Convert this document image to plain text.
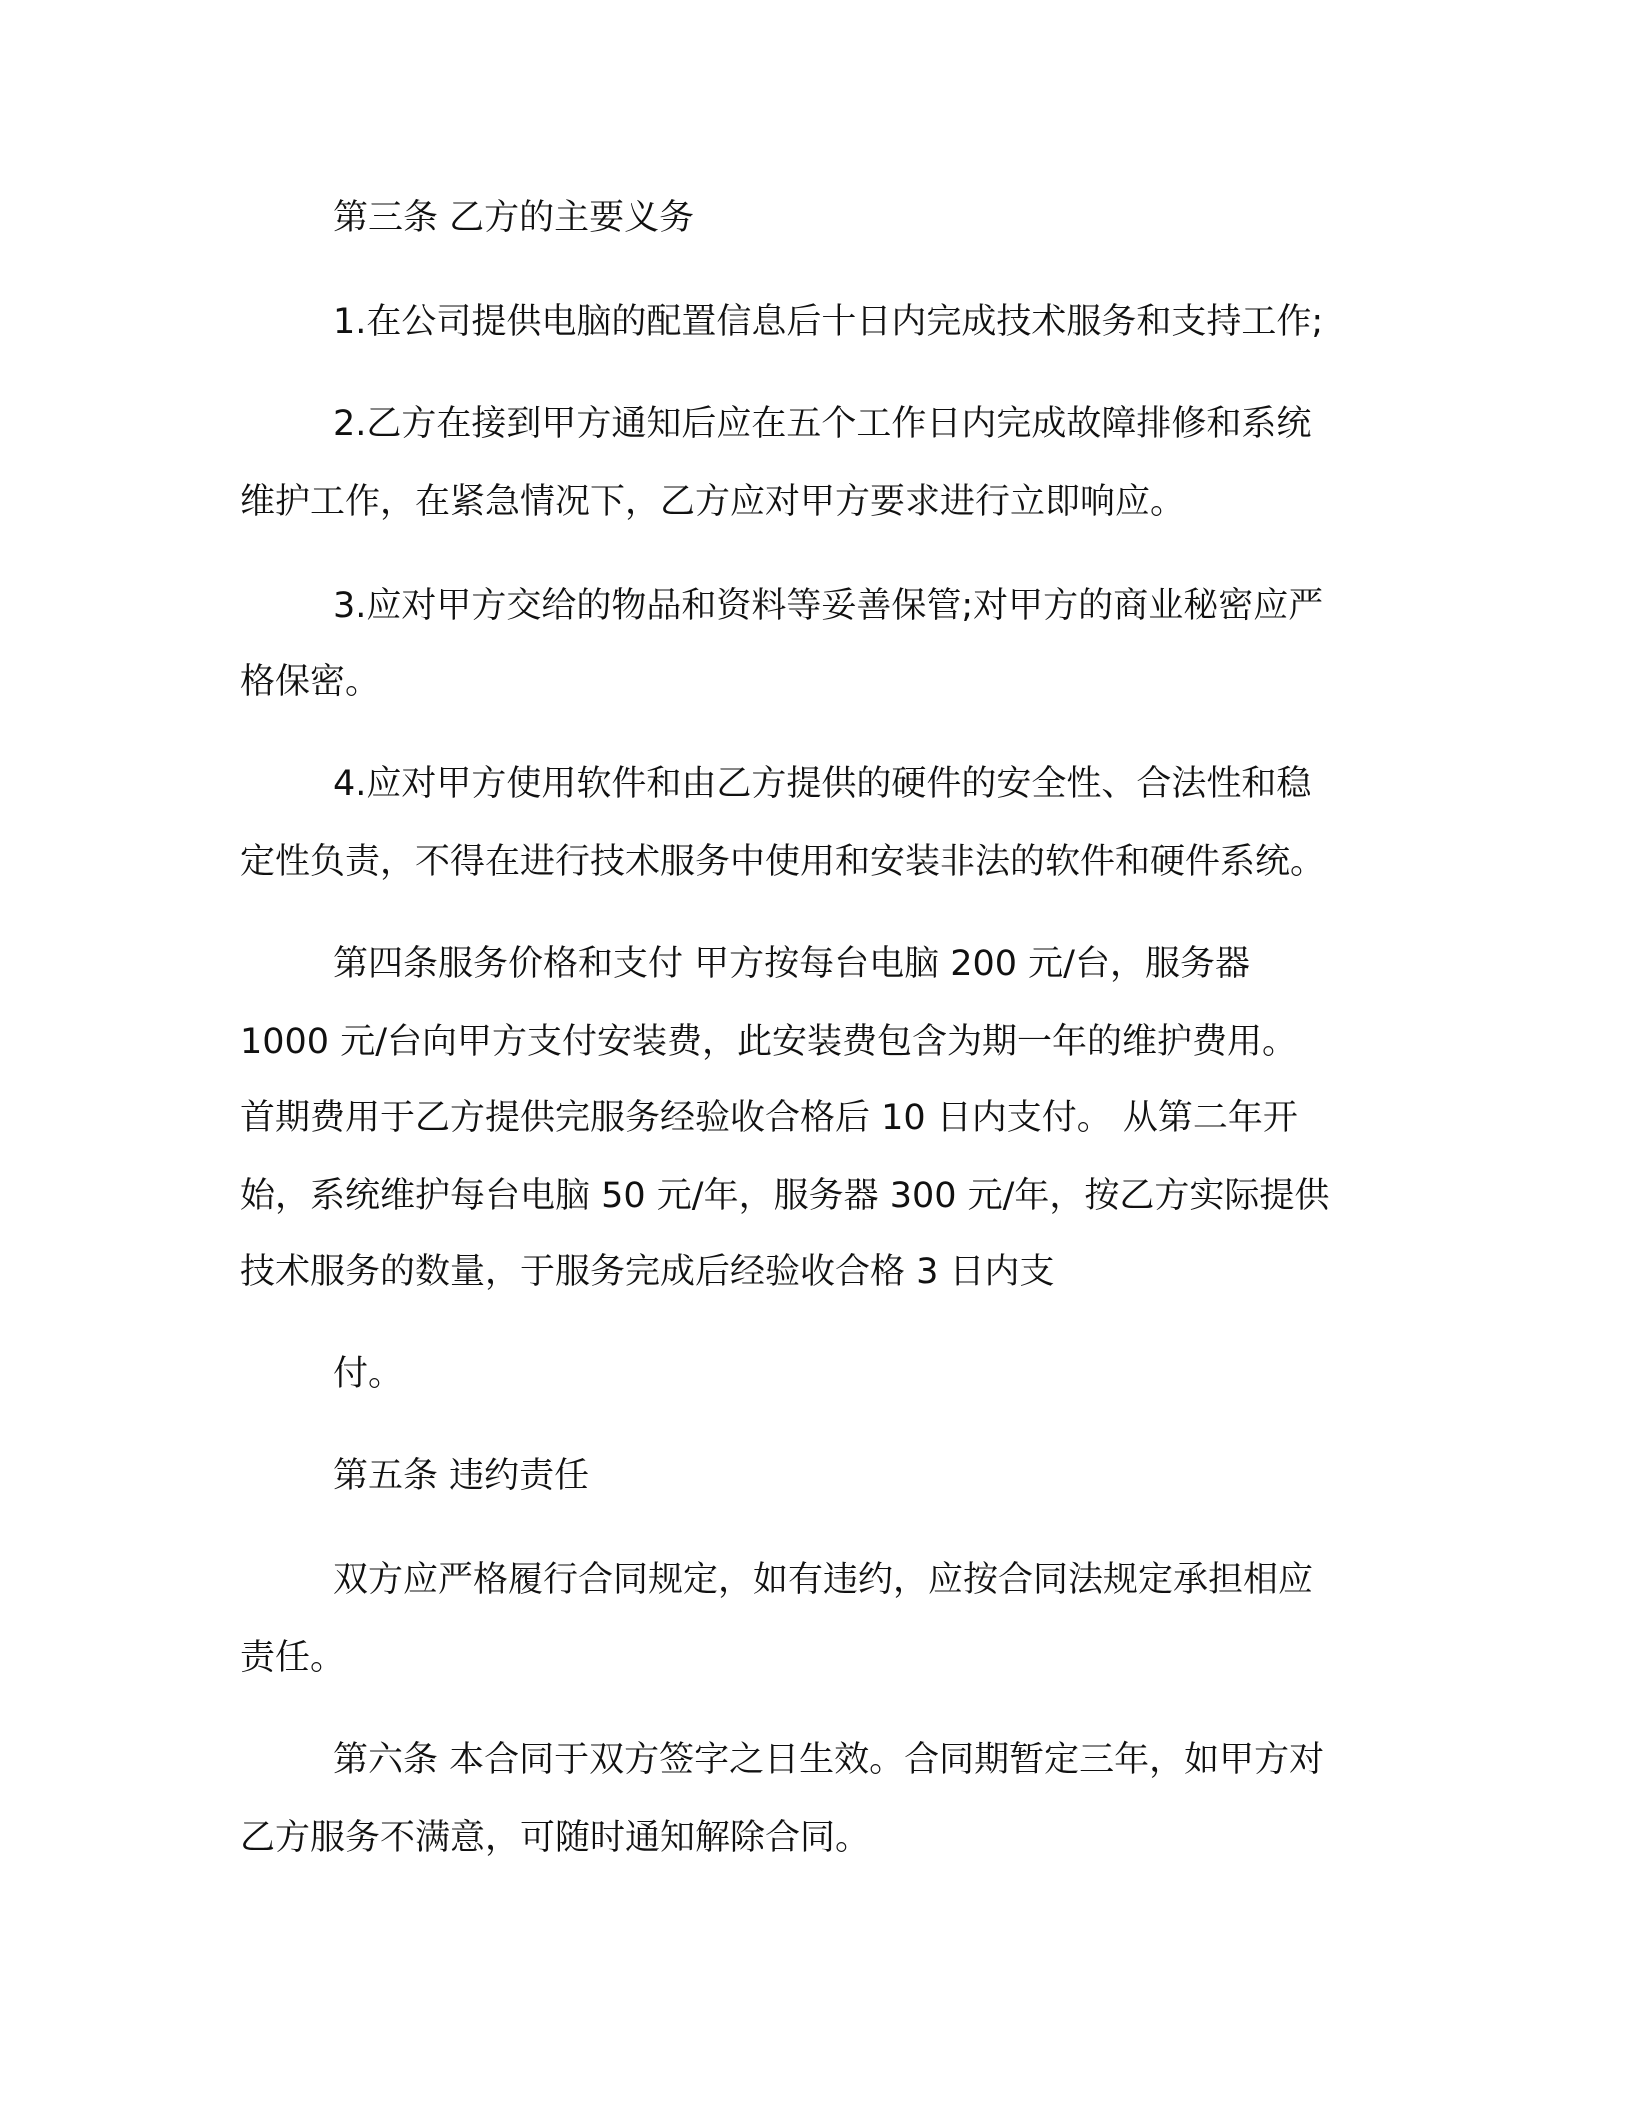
第三条 乙方的主要义务
1.在公司提供电脑的配置信息后十日内完成技术服务和支持工作;
2.乙方在接到甲方通知后应在五个工作日内完成故障排修和系统
维护工作，在紧急情况下，乙方应对甲方要求进行立即响应。
3.应对甲方交给的物品和资料等妥善保管;对甲方的商业秘密应严
格保密。
4.应对甲方使用软件和由乙方提供的硬件的安全性、合法性和稳
定性负责，不得在进行技术服务中使用和安装非法的软件和硬件系统。
第四条服务价格和支付 甲方按每台电脑 200 元/台，服务器
1000 元/台向甲方支付安装费，此安装费包含为期一年的维护费用。
首期费用于乙方提供完服务经验收合格后 10 日内支付。 从第二年开
始，系统维护每台电脑 50 元/年，服务器 300 元/年，按乙方实际提供
技术服务的数量，于服务完成后经验收合格 3 日内支
付。
第五条 违约责任
双方应严格履行合同规定，如有违约，应按合同法规定承担相应
责任。
第六条 本合同于双方签字之日生效。合同期暂定三年，如甲方对
乙方服务不满意，可随时通知解除合同。
